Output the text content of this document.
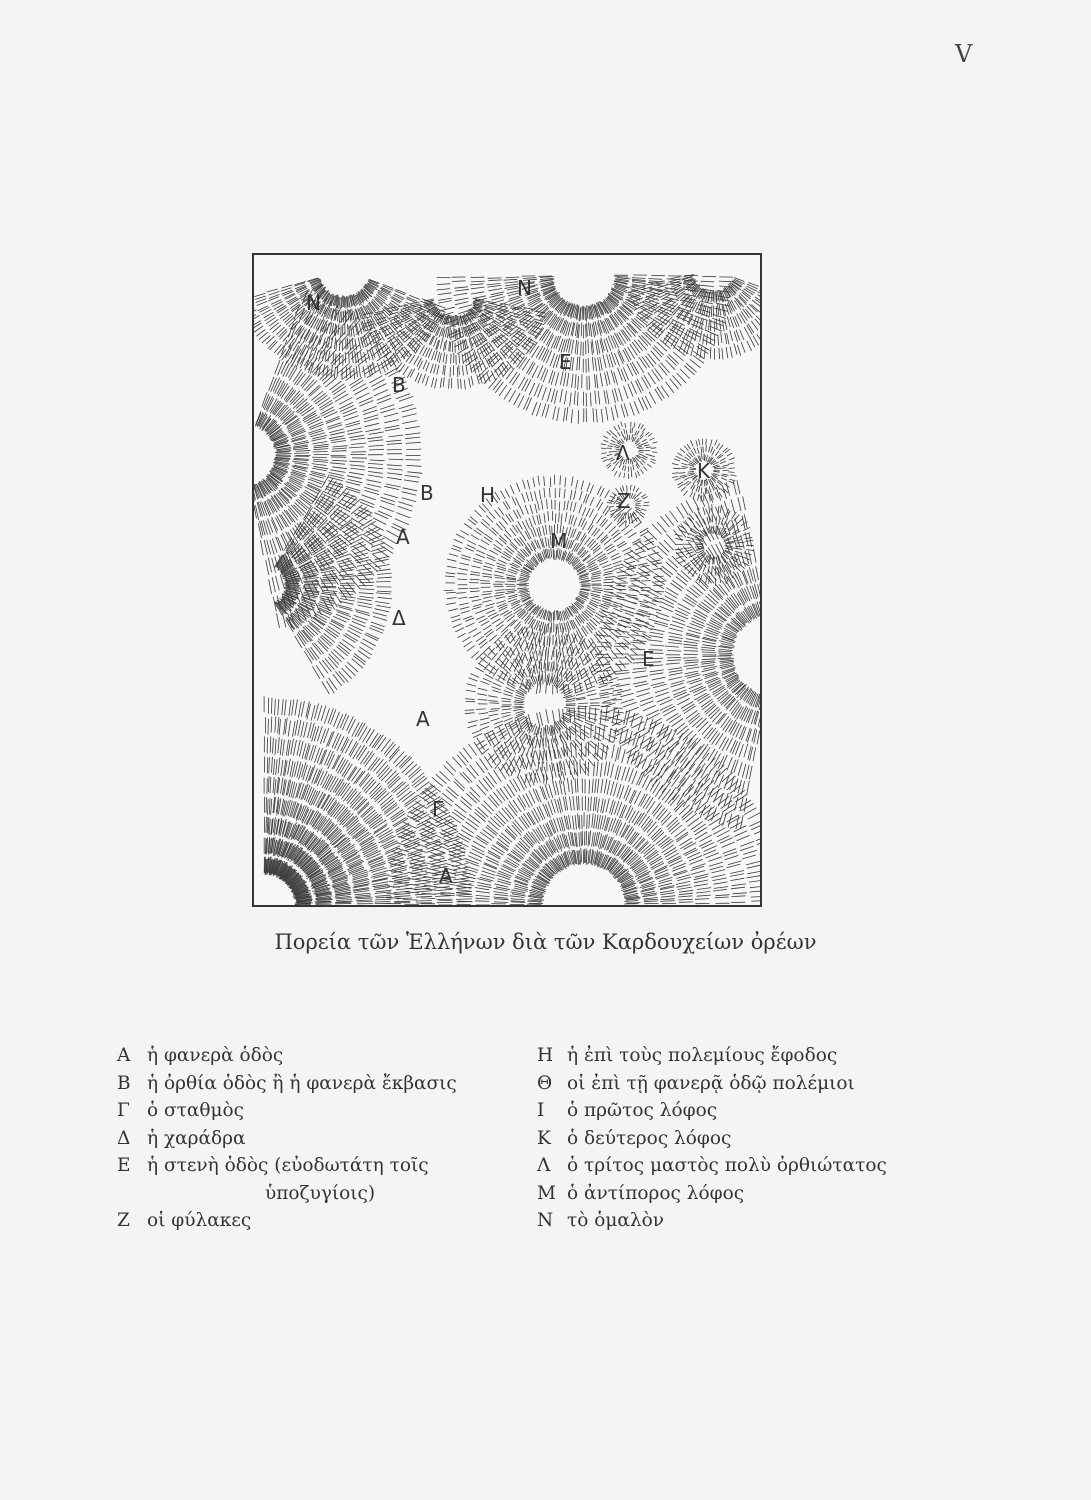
V
N
N
B
E
Λ
K
B H	Z
A	M
Δ
E
A
Γ
A
Πορεία τῶν Ἑλλήνων διὰ τῶν Καρδουχείων ὀρέων
A ἡ φανερὰ ὁδὸς
B ἡ ὀρθία ὁδὸς ἢ ἡ φανερὰ ἔκβασις
Γ ὁ σταθμὸς
Δ ἡ χαράδρα
E ἡ στενὴ ὁδὸς (εὐοδωτάτη τοῖς
ὑποζυγίοις)
Z οἱ φύλακες
H ἡ ἐπὶ τοὺς πολεμίους ἔφοδος
Θ οἱ ἐπὶ τῇ φανερᾷ ὁδῷ πολέμιοι
I	ὁ πρῶτος λόφος
K ὁ δεύτερος λόφος
Λ ὁ τρίτος μαστὸς πολὺ ὀρθιώτατος
M ὁ ἀντίπορος λόφος
N τὸ ὁμαλὸν
